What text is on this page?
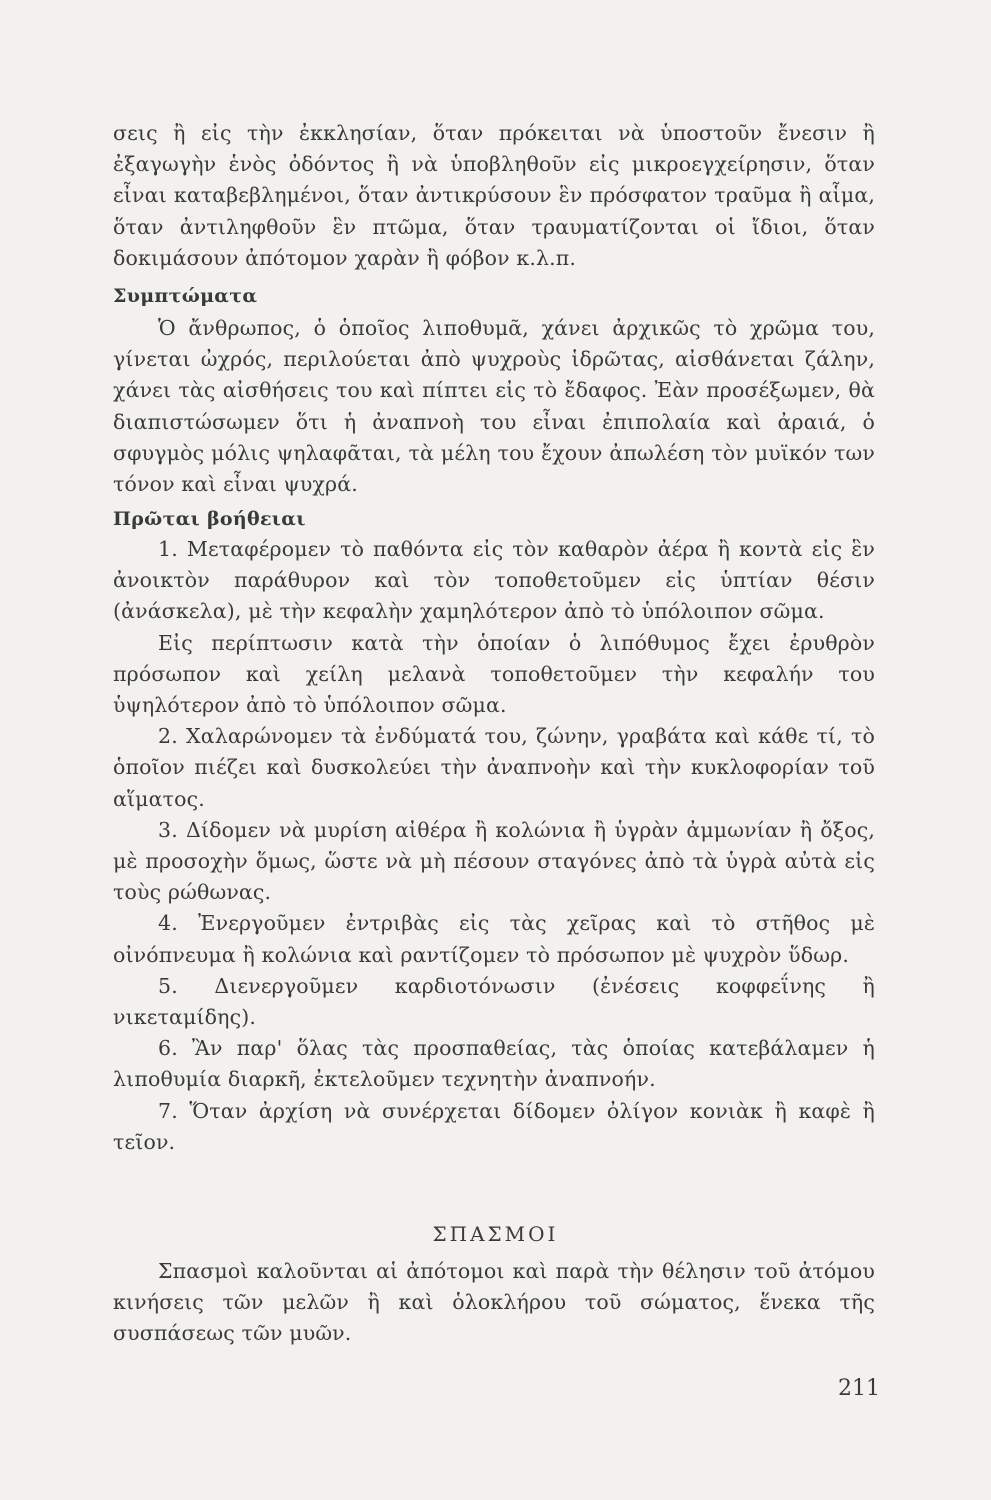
σεις ἢ εἰς τὴν ἐκκλησίαν, ὅταν πρόκειται νὰ ὑποστοῦν ἔνεσιν ἢ ἐξαγωγὴν ἑνὸς ὀδόντος ἢ νὰ ὑποβληθοῦν εἰς μικροεγχείρησιν, ὅταν εἶναι καταβεβλημένοι, ὅταν ἀντικρύσουν ἓν πρόσφατον τραῦμα ἢ αἷμα, ὅταν ἀντιληφθοῦν ἓν πτῶμα, ὅταν τραυματίζονται οἱ ἴδιοι, ὅταν δοκιμάσουν ἀπότομον χαρὰν ἢ φόβον κ.λ.π.

Συμπτώματα

Ὁ ἄνθρωπος, ὁ ὁποῖος λιποθυμᾶ, χάνει ἀρχικῶς τὸ χρῶμα του, γίνεται ὠχρός, περιλούεται ἀπὸ ψυχροὺς ἱδρῶτας, αἰσθάνεται ζάλην, χάνει τὰς αἰσθήσεις του καὶ πίπτει εἰς τὸ ἔδαφος. Ἐὰν προσέξωμεν, θὰ διαπιστώσωμεν ὅτι ἡ ἀναπνοὴ του εἶναι ἐπιπολαία καὶ ἀραιά, ὁ σφυγμὸς μόλις ψηλαφᾶται, τὰ μέλη του ἔχουν ἀπωλέση τὸν μυϊκόν των τόνον καὶ εἶναι ψυχρά.

Πρῶται βοήθειαι

1. Μεταφέρομεν τὸ παθόντα εἰς τὸν καθαρὸν ἀέρα ἢ κοντὰ εἰς ἓν ἀνοικτὸν παράθυρον καὶ τὸν τοποθετοῦμεν εἰς ὑπτίαν θέσιν (ἀνάσκελα), μὲ τὴν κεφαλὴν χαμηλότερον ἀπὸ τὸ ὑπόλοιπον σῶμα.

Εἰς περίπτωσιν κατὰ τὴν ὁποίαν ὁ λιπόθυμος ἔχει ἐρυθρὸν πρόσωπον καὶ χείλη μελανὰ τοποθετοῦμεν τὴν κεφαλήν του ὑψηλότερον ἀπὸ τὸ ὑπόλοιπον σῶμα.

2. Χαλαρώνομεν τὰ ἐνδύματά του, ζώνην, γραβάτα καὶ κάθε τί, τὸ ὁποῖον πιέζει καὶ δυσκολεύει τὴν ἀναπνοὴν καὶ τὴν κυκλοφορίαν τοῦ αἵματος.

3. Δίδομεν νὰ μυρίση αἰθέρα ἢ κολώνια ἢ ὑγρὰν ἀμμωνίαν ἢ ὄξος, μὲ προσοχὴν ὅμως, ὥστε νὰ μὴ πέσουν σταγόνες ἀπὸ τὰ ὑγρὰ αὐτὰ εἰς τοὺς ρώθωνας.

4. Ἐνεργοῦμεν ἐντριβὰς εἰς τὰς χεῖρας καὶ τὸ στῆθος μὲ οἰνόπνευμα ἢ κολώνια καὶ ραντίζομεν τὸ πρόσωπον μὲ ψυχρὸν ὕδωρ.

5. Διενεργοῦμεν καρδιοτόνωσιν (ἐνέσεις κοφφεΐνης ἢ νικεταμίδης).

6. Ἂν παρ' ὅλας τὰς προσπαθείας, τὰς ὁποίας κατεβάλαμεν ἡ λιποθυμία διαρκῆ, ἐκτελοῦμεν τεχνητὴν ἀναπνοήν.

7. Ὅταν ἀρχίση νὰ συνέρχεται δίδομεν ὀλίγον κονιὰκ ἢ καφὲ ἢ τεῖον.

ΣΠΑΣΜΟΙ

Σπασμοὶ καλοῦνται αἱ ἀπότομοι καὶ παρὰ τὴν θέλησιν τοῦ ἀτόμου κινήσεις τῶν μελῶν ἢ καὶ ὁλοκλήρου τοῦ σώματος, ἕνεκα τῆς συσπάσεως τῶν μυῶν.

211
